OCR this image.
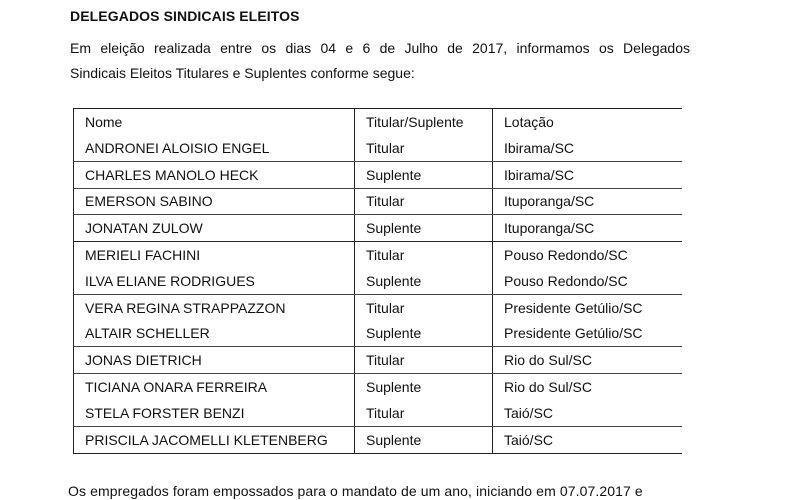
DELEGADOS SINDICAIS ELEITOS
Em eleição realizada entre os dias 04 e 6 de Julho de 2017, informamos os Delegados
Sindicais Eleitos Titulares e Suplentes conforme segue:
Nome	Titular/Suplente	Lotação
ANDRONEI ALOISIO ENGEL	Titular	Ibirama/SC
CHARLES MANOLO HECK	Suplente	Ibirama/SC
EMERSON SABINO	Titular	Ituporanga/SC
JONATAN ZULOW	Suplente	Ituporanga/SC
MERIELI FACHINI	Titular	Pouso Redondo/SC
ILVA ELIANE RODRIGUES	Suplente	Pouso Redondo/SC
VERA REGINA STRAPPAZZON	Titular	Presidente Getúlio/SC
ALTAIR SCHELLER	Suplente	Presidente Getúlio/SC
JONAS DIETRICH	Titular	Rio do Sul/SC
TICIANA ONARA FERREIRA	Suplente	Rio do Sul/SC
STELA FORSTER BENZI	Titular	Taió/SC
PRISCILA JACOMELLI KLETENBERG	Suplente	Taió/SC
Os empregados foram empossados para o mandato de um ano, iniciando em 07.07.2017 e
